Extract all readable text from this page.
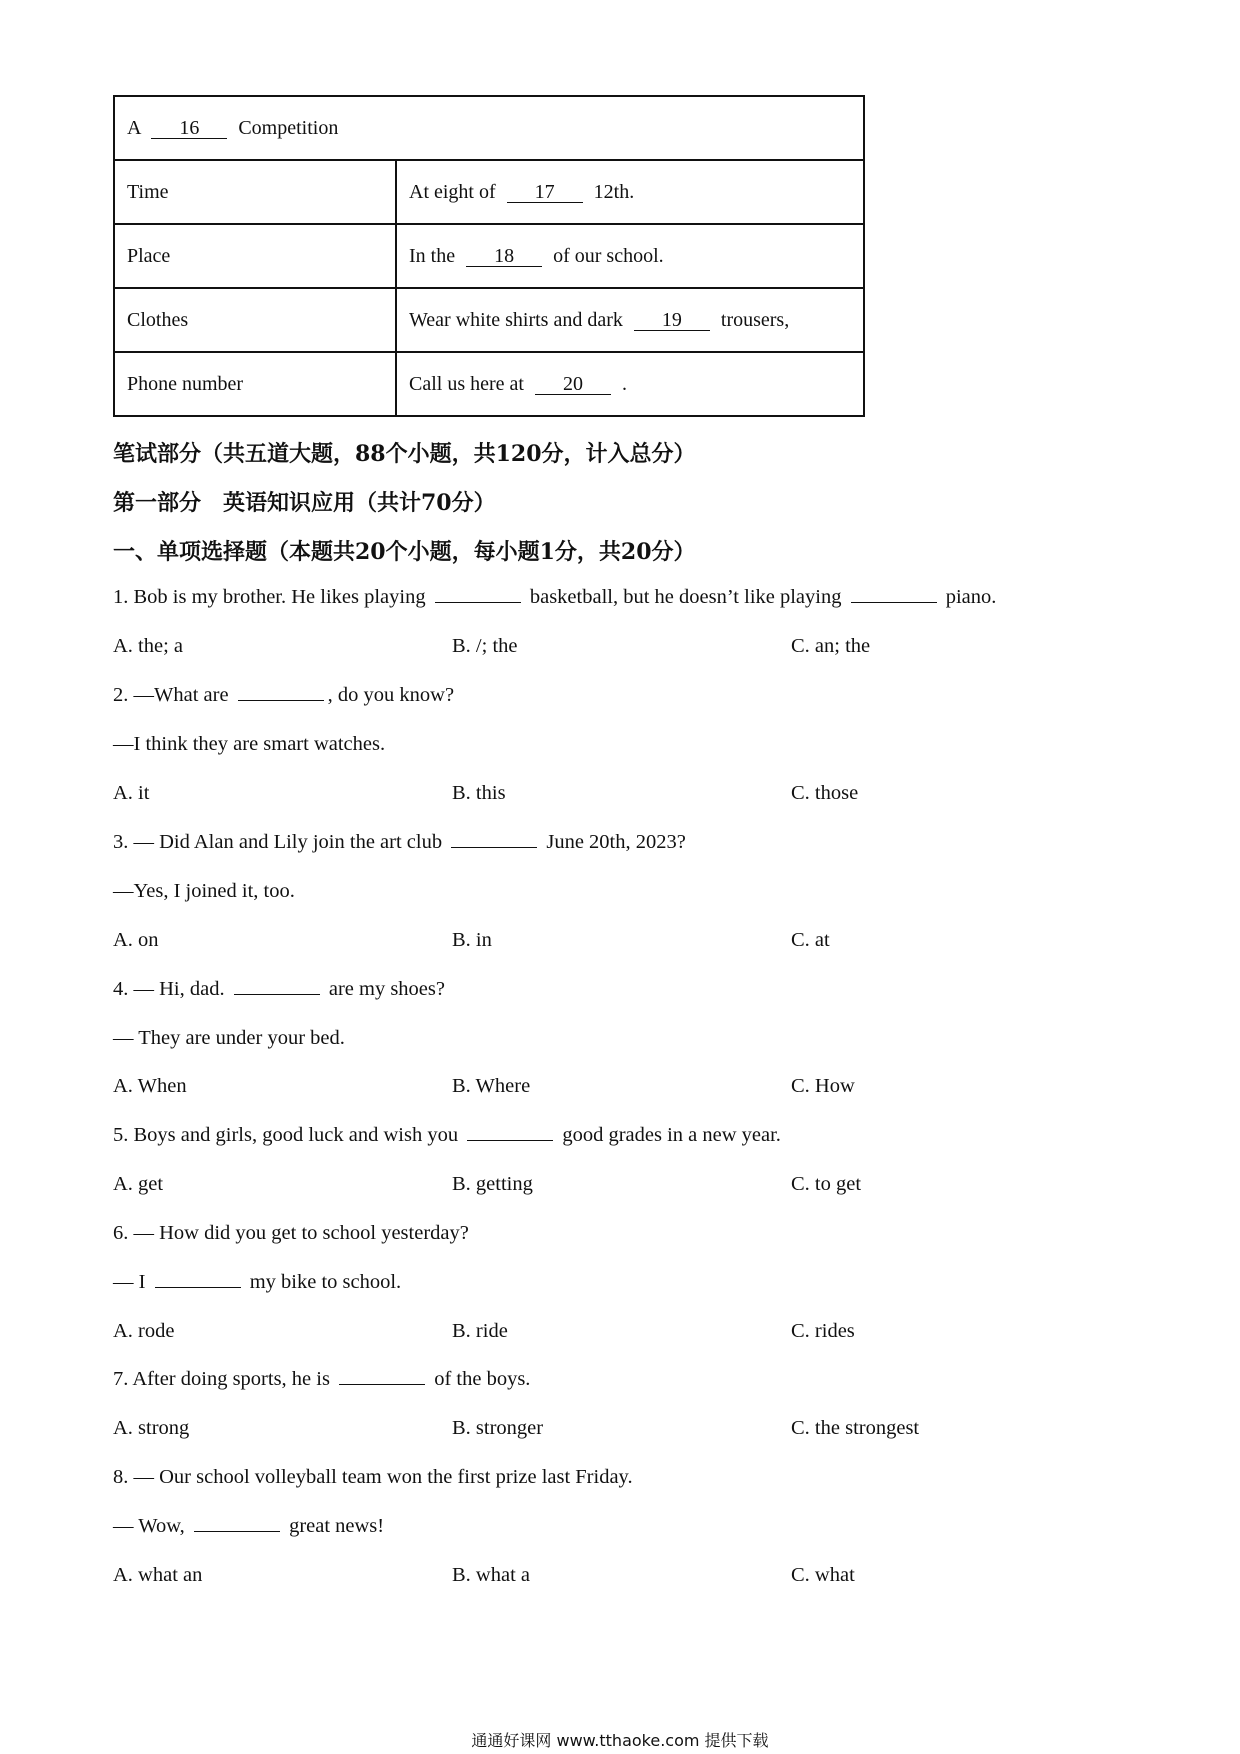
A 16 Competition	
Time	At eight of 17 12th.
Place	In the 18 of our school.
Clothes	Wear white shirts and dark 19 trousers,
Phone number	Call us here at 20 .
笔试部分（共五道大题，88个小题，共120分，计入总分）
第一部分　英语知识应用（共计70分）
一、单项选择题（本题共20个小题，每小题1分，共20分）
1. Bob is my brother. He likes playing	basketball, but he doesn’t like playing	piano.
A. the; a	B. /; the	C. an; the
2. —What are	, do you know?
—I think they are smart watches.
A. it	B. this	C. those
3. — Did Alan and Lily join the art club	June 20th, 2023?
—Yes, I joined it, too.
A. on	B. in	C. at
4. — Hi, dad.	are my shoes?
— They are under your bed.
A. When	B. Where	C. How
5. Boys and girls, good luck and wish you	good grades in a new year.
A. get	B. getting	C. to get
6. — How did you get to school yesterday?
— I	my bike to school.
A. rode	B. ride	C. rides
7. After doing sports, he is	of the boys.
A. strong	B. stronger	C. the strongest
8. — Our school volleyball team won the first prize last Friday.
— Wow,	great news!
A. what an	B. what a	C. what
通通好课网 www.tthaoke.com 提供下载
